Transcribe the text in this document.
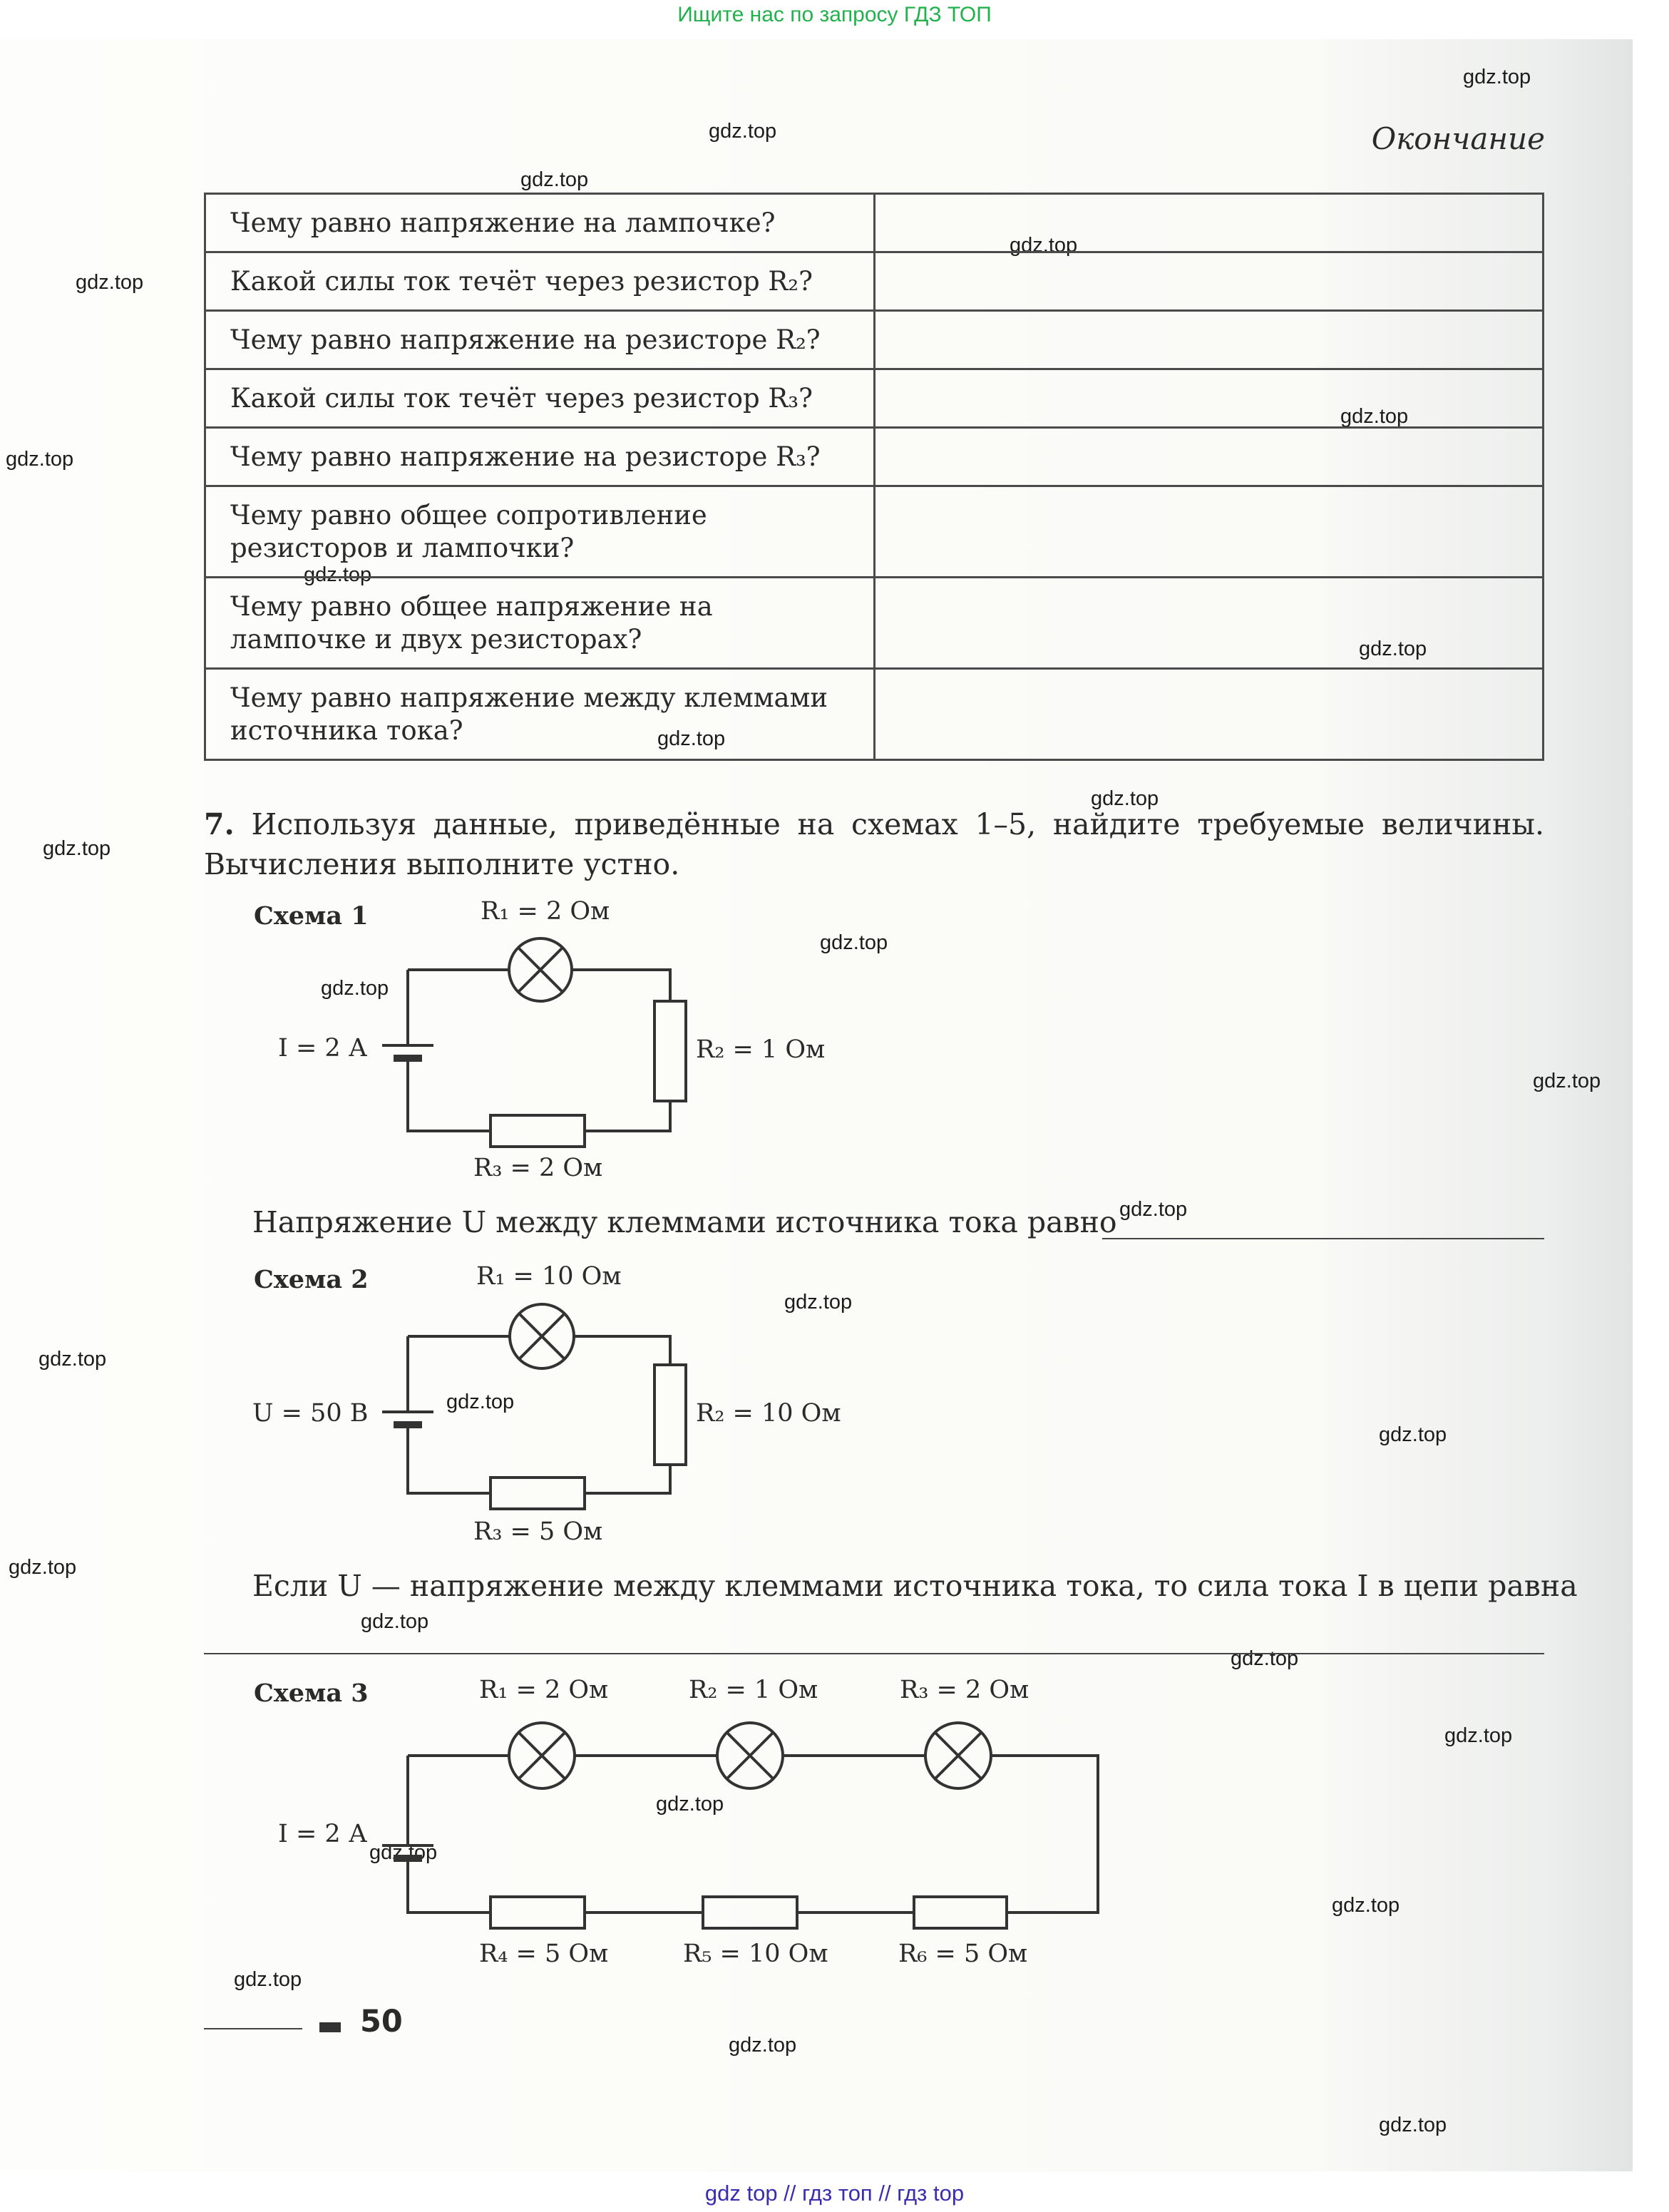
Ищите нас по запросу ГДЗ ТОП
gdz.top
gdz.top
gdz.top
gdz.top
gdz.top
gdz.top
gdz.top
gdz.top
gdz.top
gdz.top
gdz.top
gdz.top
gdz.top
gdz.top
gdz.top
gdz.top
gdz.top
gdz.top
gdz.top
gdz.top
gdz.top
gdz.top
gdz.top
gdz.top
gdz.top
gdz.top
gdz.top
gdz.top
gdz.top
gdz.top
Окончание
Чему равно напряжение на лампочке?	
Какой силы ток течёт через резистор R₂?	
Чему равно напряжение на резисторе R₂?	
Какой силы ток течёт через резистор R₃?	
Чему равно напряжение на резисторе R₃?	
Чему равно общее сопротивление резисторов и лампочки?	
Чему равно общее напряжение на лампочке и двух резисторах?	
Чему равно напряжение между клеммами источника тока?	
7. Используя данные, приведённые на схемах 1–5, найдите требуемые величины. Вычисления выполните устно.
Схема 1	R₁ = 2 Ом
R₂ = 1 Ом
R₃ = 2 Ом
I = 2 А
Напряжение U между клеммами источника тока равно
Схема 2	R₁ = 10 Ом
R₂ = 10 Ом
R₃ = 5 Ом
U = 50 В
Если U — напряжение между клеммами источника тока, то сила тока I в цепи равна
Схема 3	R₁ = 2 Ом	R₂ = 1 Ом	R₃ = 2 Ом
R₄ = 5 Ом	R₅ = 10 Ом	R₆ = 5 Ом
I = 2 А
50
gdz top // гдз топ // гдз top
